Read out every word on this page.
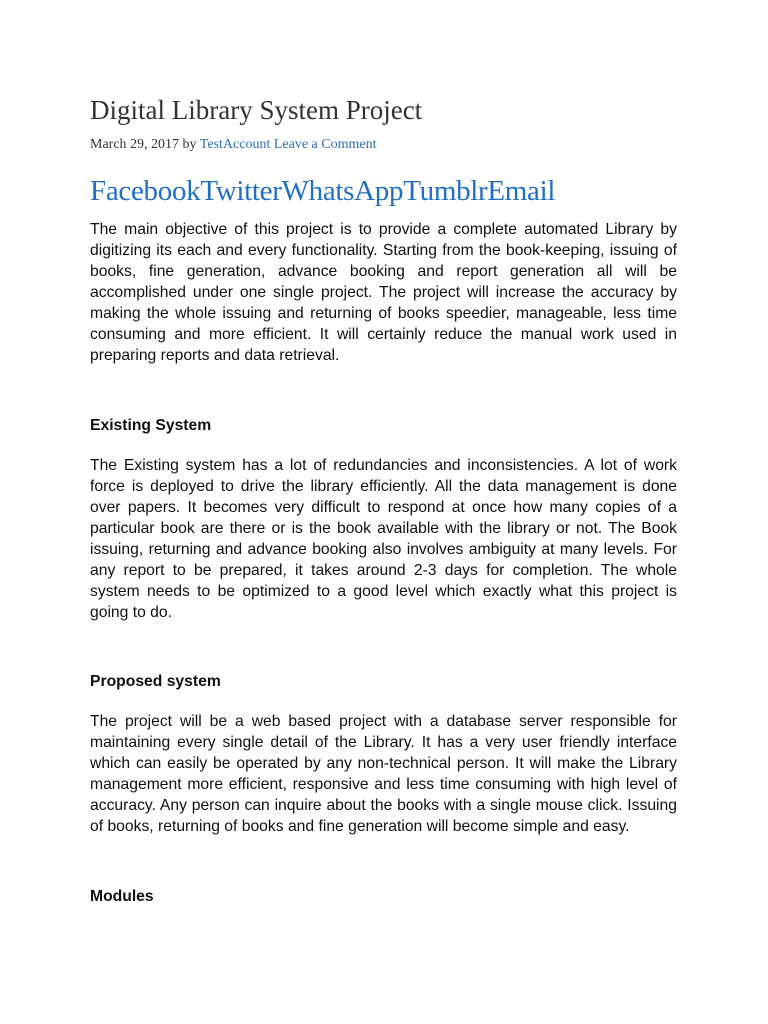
Digital Library System Project
March 29, 2017 by TestAccount Leave a Comment
FacebookTwitterWhatsAppTumblrEmail

The main objective of this project is to provide a complete automated Library by digitizing its each and every functionality. Starting from the book-keeping, issuing of books, fine generation, advance booking and report generation all will be accomplished under one single project. The project will increase the accuracy by making the whole issuing and returning of books speedier, manageable, less time consuming and more efficient. It will certainly reduce the manual work used in preparing reports and data retrieval.

Existing System

The Existing system has a lot of redundancies and inconsistencies. A lot of work force is deployed to drive the library efficiently. All the data management is done over papers. It becomes very difficult to respond at once how many copies of a particular book are there or is the book available with the library or not. The Book issuing, returning and advance booking also involves ambiguity at many levels. For any report to be prepared, it takes around 2-3 days for completion. The whole system needs to be optimized to a good level which exactly what this project is going to do.

Proposed system

The project will be a web based project with a database server responsible for maintaining every single detail of the Library. It has a very user friendly interface which can easily be operated by any non-technical person. It will make the Library management more efficient, responsive and less time consuming with high level of accuracy. Any person can inquire about the books with a single mouse click. Issuing of books, returning of books and fine generation will become simple and easy.

Modules
